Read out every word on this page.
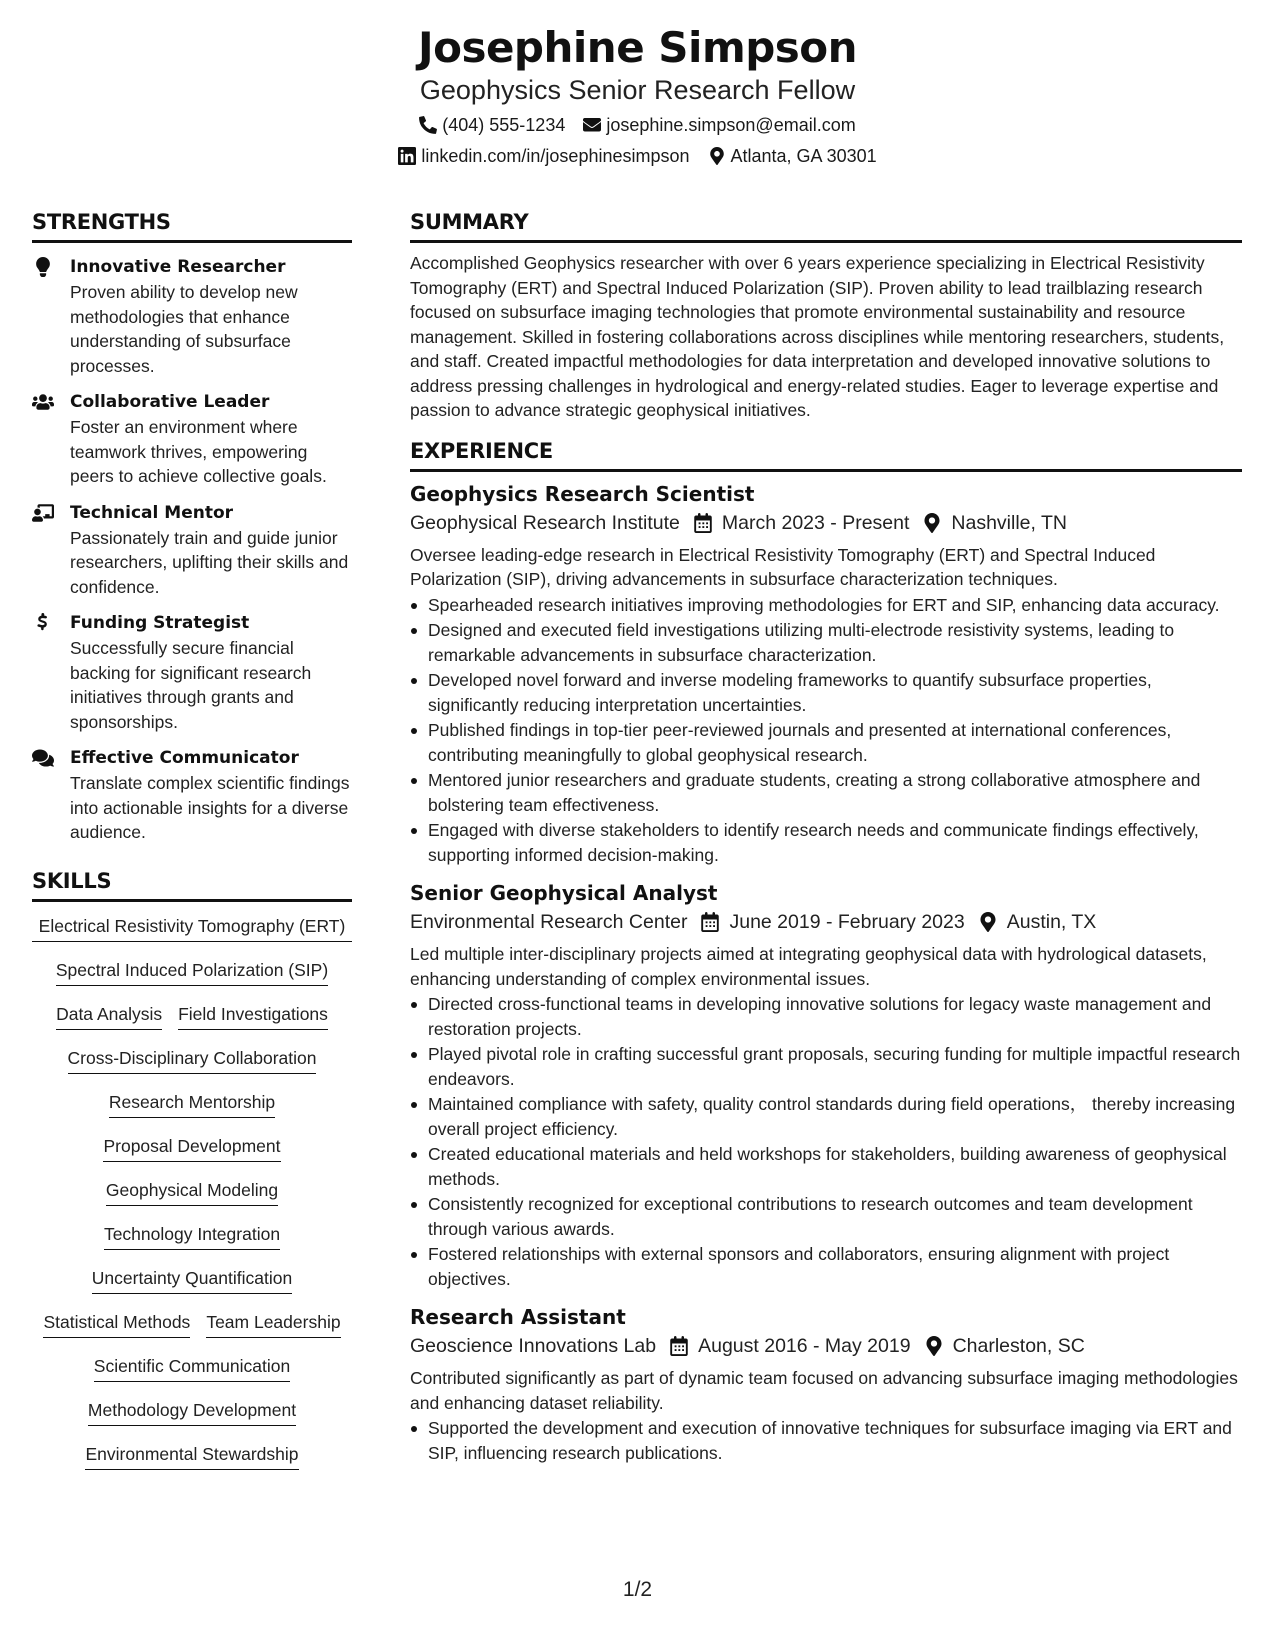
Josephine Simpson
Geophysics Senior Research Fellow
(404) 555-1234 josephine.simpson@email.com
linkedin.com/in/josephinesimpson Atlanta, GA 30301
STRENGTHS
Innovative Researcher
Proven ability to develop new methodologies that enhance understanding of subsurface processes.
Collaborative Leader
Foster an environment where teamwork thrives, empowering peers to achieve collective goals.
Technical Mentor
Passionately train and guide junior researchers, uplifting their skills and confidence.
Funding Strategist
Successfully secure financial backing for significant research initiatives through grants and sponsorships.
Effective Communicator
Translate complex scientific findings into actionable insights for a diverse audience.
SKILLS
Electrical Resistivity Tomography (ERT)
Spectral Induced Polarization (SIP)
Data Analysis Field Investigations
Cross-Disciplinary Collaboration
Research Mentorship
Proposal Development
Geophysical Modeling
Technology Integration
Uncertainty Quantification
Statistical Methods Team Leadership
Scientific Communication
Methodology Development
Environmental Stewardship
SUMMARY
Accomplished Geophysics researcher with over 6 years experience specializing in Electrical Resistivity Tomography (ERT) and Spectral Induced Polarization (SIP). Proven ability to lead trailblazing research focused on subsurface imaging technologies that promote environmental sustainability and resource management. Skilled in fostering collaborations across disciplines while mentoring researchers, students, and staff. Created impactful methodologies for data interpretation and developed innovative solutions to address pressing challenges in hydrological and energy-related studies. Eager to leverage expertise and passion to advance strategic geophysical initiatives.
EXPERIENCE
Geophysics Research Scientist
Geophysical Research Institute March 2023 - Present Nashville, TN
Oversee leading-edge research in Electrical Resistivity Tomography (ERT) and Spectral Induced Polarization (SIP), driving advancements in subsurface characterization techniques.
Spearheaded research initiatives improving methodologies for ERT and SIP, enhancing data accuracy.
Designed and executed field investigations utilizing multi-electrode resistivity systems, leading to remarkable advancements in subsurface characterization.
Developed novel forward and inverse modeling frameworks to quantify subsurface properties, significantly reducing interpretation uncertainties.
Published findings in top-tier peer-reviewed journals and presented at international conferences, contributing meaningfully to global geophysical research.
Mentored junior researchers and graduate students, creating a strong collaborative atmosphere and bolstering team effectiveness.
Engaged with diverse stakeholders to identify research needs and communicate findings effectively, supporting informed decision-making.
Senior Geophysical Analyst
Environmental Research Center June 2019 - February 2023 Austin, TX
Led multiple inter-disciplinary projects aimed at integrating geophysical data with hydrological datasets, enhancing understanding of complex environmental issues.
Directed cross-functional teams in developing innovative solutions for legacy waste management and restoration projects.
Played pivotal role in crafting successful grant proposals, securing funding for multiple impactful research endeavors.
Maintained compliance with safety, quality control standards during field operations， thereby increasing overall project efficiency.
Created educational materials and held workshops for stakeholders, building awareness of geophysical methods.
Consistently recognized for exceptional contributions to research outcomes and team development through various awards.
Fostered relationships with external sponsors and collaborators, ensuring alignment with project objectives.
Research Assistant
Geoscience Innovations Lab August 2016 - May 2019 Charleston, SC
Contributed significantly as part of dynamic team focused on advancing subsurface imaging methodologies and enhancing dataset reliability.
Supported the development and execution of innovative techniques for subsurface imaging via ERT and SIP, influencing research publications.
1/2
